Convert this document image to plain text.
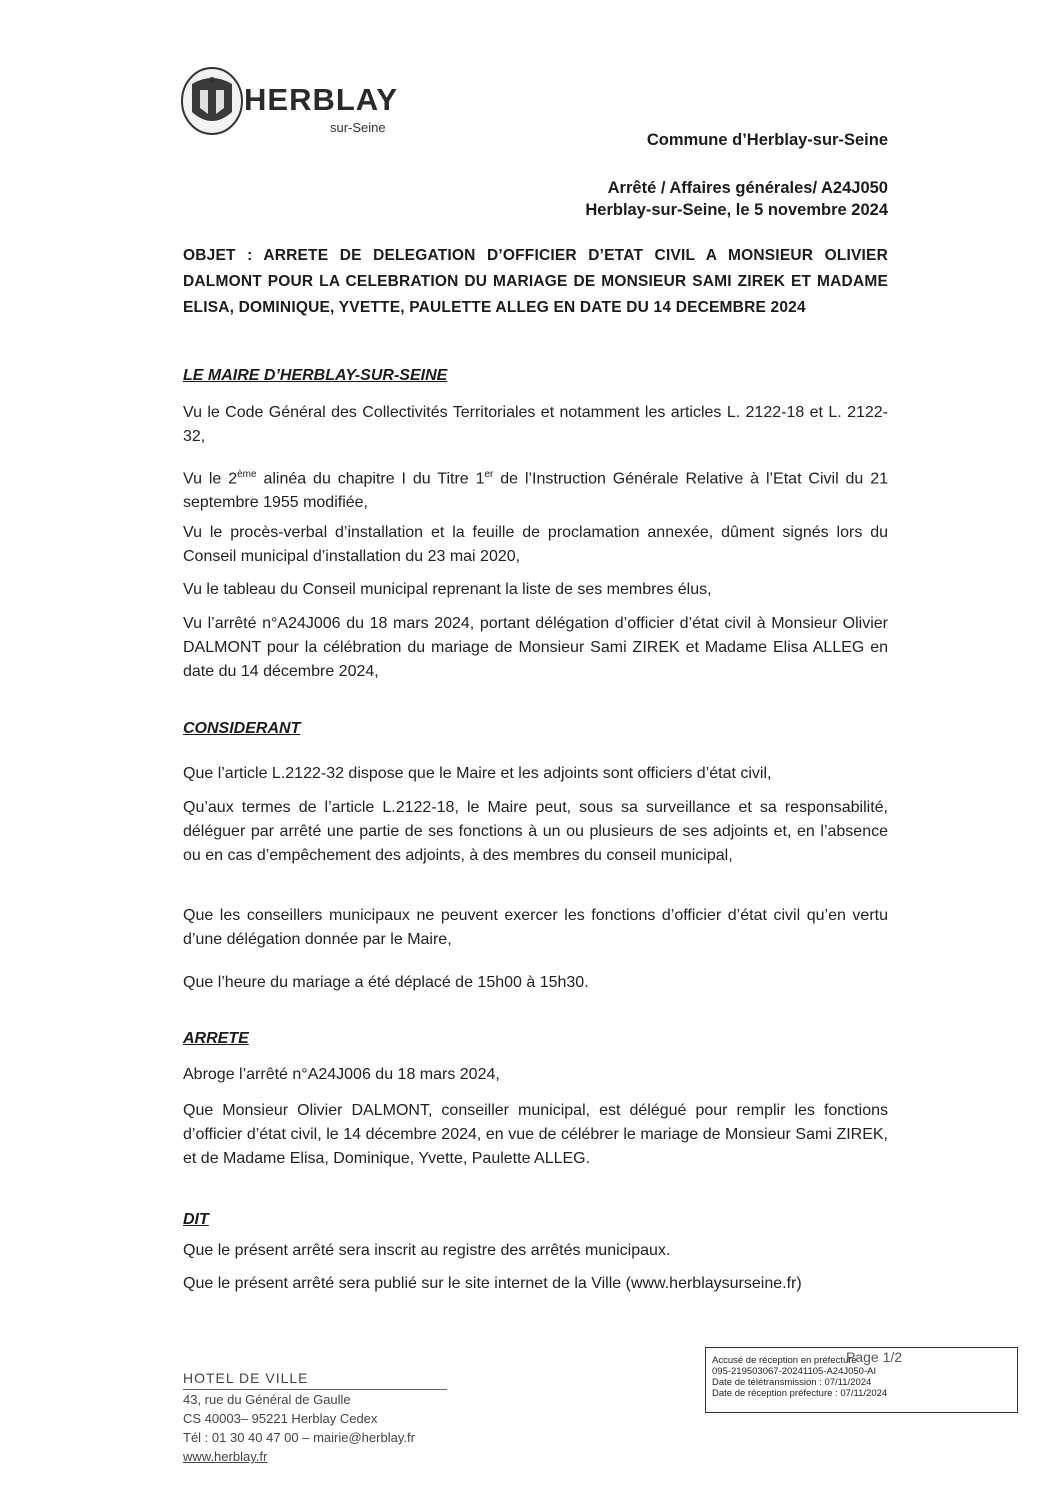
HERBLAY
sur-Seine
Commune d’Herblay-sur-Seine
Arrêté / Affaires générales/ A24J050
Herblay-sur-Seine, le 5 novembre 2024
OBJET : ARRETE DE DELEGATION D’OFFICIER D’ETAT CIVIL A MONSIEUR OLIVIER DALMONT POUR LA CELEBRATION DU MARIAGE DE MONSIEUR SAMI ZIREK ET MADAME ELISA, DOMINIQUE, YVETTE, PAULETTE ALLEG EN DATE DU 14 DECEMBRE 2024
LE MAIRE D’HERBLAY-SUR-SEINE
Vu le Code Général des Collectivités Territoriales et notamment les articles L. 2122-18 et L. 2122-32,
Vu le 2ème alinéa du chapitre I du Titre 1er de l’Instruction Générale Relative à l’Etat Civil du 21 septembre 1955 modifiée,
Vu le procès-verbal d’installation et la feuille de proclamation annexée, dûment signés lors du Conseil municipal d’installation du 23 mai 2020,
Vu le tableau du Conseil municipal reprenant la liste de ses membres élus,
Vu l’arrêté n°A24J006 du 18 mars 2024, portant délégation d’officier d’état civil à Monsieur Olivier DALMONT pour la célébration du mariage de Monsieur Sami ZIREK et Madame Elisa ALLEG en date du 14 décembre 2024,
CONSIDERANT
Que l’article L.2122-32 dispose que le Maire et les adjoints sont officiers d’état civil,
Qu’aux termes de l’article L.2122-18, le Maire peut, sous sa surveillance et sa responsabilité, déléguer par arrêté une partie de ses fonctions à un ou plusieurs de ses adjoints et, en l’absence ou en cas d’empêchement des adjoints, à des membres du conseil municipal,
Que les conseillers municipaux ne peuvent exercer les fonctions d’officier d’état civil qu’en vertu d’une délégation donnée par le Maire,
Que l’heure du mariage a été déplacé de 15h00 à 15h30.
ARRETE
Abroge l’arrêté n°A24J006 du 18 mars 2024,
Que Monsieur Olivier DALMONT, conseiller municipal, est délégué pour remplir les fonctions d’officier d’état civil, le 14 décembre 2024, en vue de célébrer le mariage de Monsieur Sami ZIREK, et de Madame Elisa, Dominique, Yvette, Paulette ALLEG.
DIT
Que le présent arrêté sera inscrit au registre des arrêtés municipaux.
Que le présent arrêté sera publié sur le site internet de la Ville (www.herblaysurseine.fr)
HOTEL DE VILLE
43, rue du Général de Gaulle
CS 40003– 95221 Herblay Cedex
Tél : 01 30 40 47 00 – mairie@herblay.fr
www.herblay.fr
Accusé de réception en préfecture
095-219503067-20241105-A24J050-AI
Date de télétransmission : 07/11/2024
Date de réception préfecture : 07/11/2024
Page 1/2
